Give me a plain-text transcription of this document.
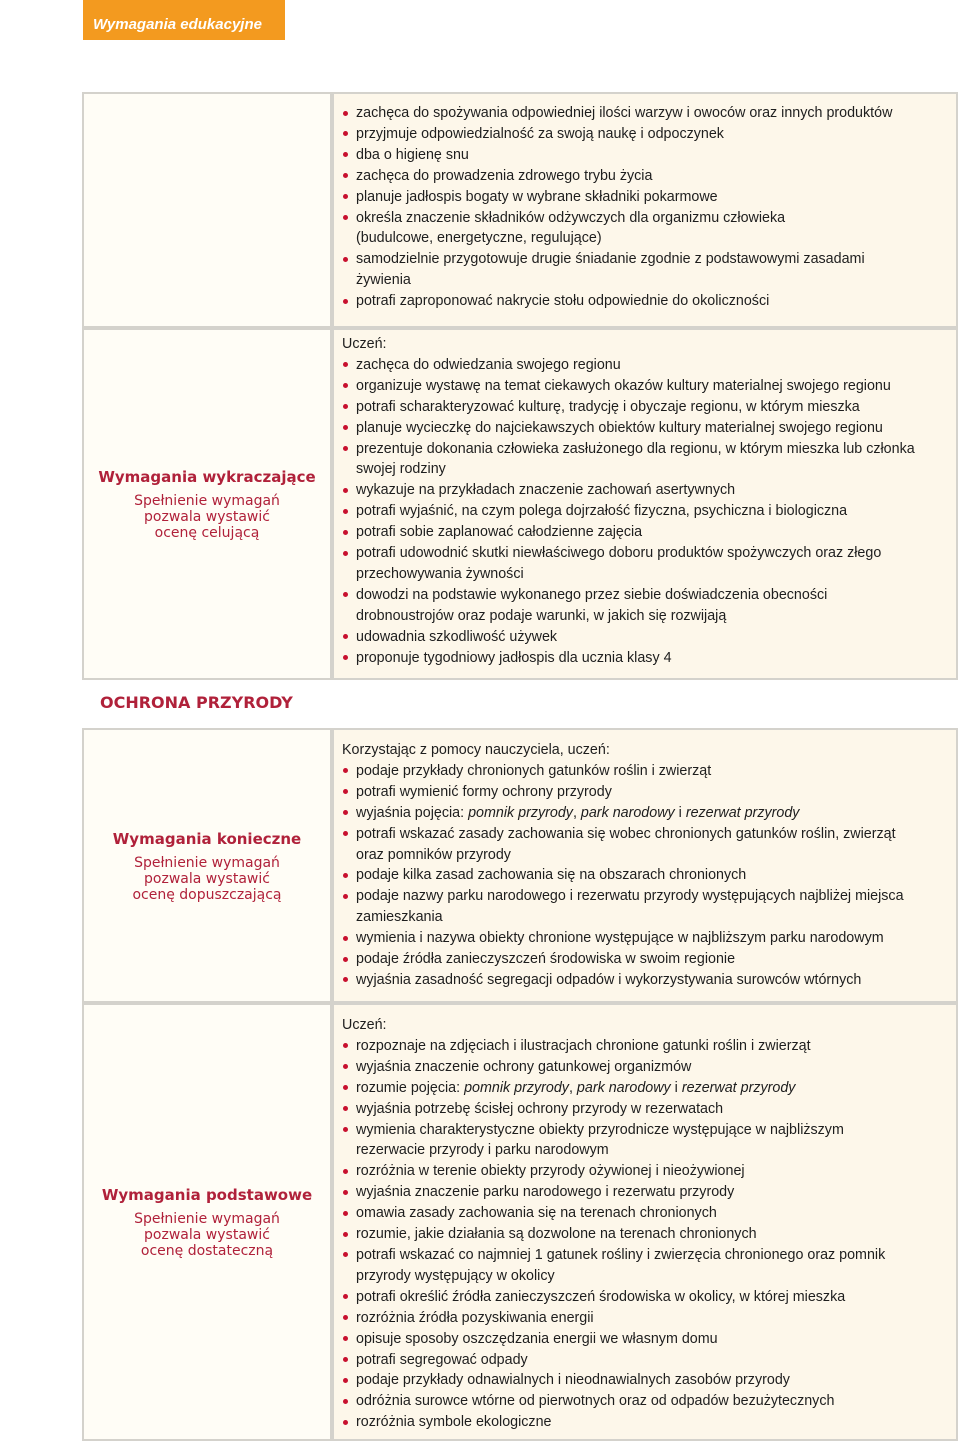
Wymagania edukacyjne
zachęca do spożywania odpowiedniej ilości warzyw i owoców oraz innych produktów
przyjmuje odpowiedzialność za swoją naukę i odpoczynek
dba o higienę snu
zachęca do prowadzenia zdrowego trybu życia
planuje jadłospis bogaty w wybrane składniki pokarmowe
określa znaczenie składników odżywczych dla organizmu człowieka (budulcowe, energetyczne, regulujące)
samodzielnie przygotowuje drugie śniadanie zgodnie z podstawowymi zasadami żywienia
potrafi zaproponować nakrycie stołu odpowiednie do okoliczności
Wymagania wykraczające
Spełnienie wymagań pozwala wystawić ocenę celującą
Uczeń:
zachęca do odwiedzania swojego regionu
organizuje wystawę na temat ciekawych okazów kultury materialnej swojego regionu
potrafi scharakteryzować kulturę, tradycję i obyczaje regionu, w którym mieszka
planuje wycieczkę do najciekawszych obiektów kultury materialnej swojego regionu
prezentuje dokonania człowieka zasłużonego dla regionu, w którym mieszka lub członka swojej rodziny
wykazuje na przykładach znaczenie zachowań asertywnych
potrafi wyjaśnić, na czym polega dojrzałość fizyczna, psychiczna i biologiczna
potrafi sobie zaplanować całodzienne zajęcia
potrafi udowodnić skutki niewłaściwego doboru produktów spożywczych oraz złego przechowywania żywności
dowodzi na podstawie wykonanego przez siebie doświadczenia obecności drobnoustrojów oraz podaje warunki, w jakich się rozwijają
udowadnia szkodliwość używek
proponuje tygodniowy jadłospis dla ucznia klasy 4
OCHRONA PRZYRODY
Wymagania konieczne
Spełnienie wymagań pozwala wystawić ocenę dopuszczającą
Korzystając z pomocy nauczyciela, uczeń:
podaje przykłady chronionych gatunków roślin i zwierząt
potrafi wymienić formy ochrony przyrody
wyjaśnia pojęcia: pomnik przyrody, park narodowy i rezerwat przyrody
potrafi wskazać zasady zachowania się wobec chronionych gatunków roślin, zwierząt oraz pomników przyrody
podaje kilka zasad zachowania się na obszarach chronionych
podaje nazwy parku narodowego i rezerwatu przyrody występujących najbliżej miejsca zamieszkania
wymienia i nazywa obiekty chronione występujące w najbliższym parku narodowym
podaje źródła zanieczyszczeń środowiska w swoim regionie
wyjaśnia zasadność segregacji odpadów i wykorzystywania surowców wtórnych
Wymagania podstawowe
Spełnienie wymagań pozwala wystawić ocenę dostateczną
Uczeń:
rozpoznaje na zdjęciach i ilustracjach chronione gatunki roślin i zwierząt
wyjaśnia znaczenie ochrony gatunkowej organizmów
rozumie pojęcia: pomnik przyrody, park narodowy i rezerwat przyrody
wyjaśnia potrzebę ścisłej ochrony przyrody w rezerwatach
wymienia charakterystyczne obiekty przyrodnicze występujące w najbliższym rezerwacie przyrody i parku narodowym
rozróżnia w terenie obiekty przyrody ożywionej i nieożywionej
wyjaśnia znaczenie parku narodowego i rezerwatu przyrody
omawia zasady zachowania się na terenach chronionych
rozumie, jakie działania są dozwolone na terenach chronionych
potrafi wskazać co najmniej 1 gatunek rośliny i zwierzęcia chronionego oraz pomnik przyrody występujący w okolicy
potrafi określić źródła zanieczyszczeń środowiska w okolicy, w której mieszka
rozróżnia źródła pozyskiwania energii
opisuje sposoby oszczędzania energii we własnym domu
potrafi segregować odpady
podaje przykłady odnawialnych i nieodnawialnych zasobów przyrody
odróżnia surowce wtórne od pierwotnych oraz od odpadów bezużytecznych
rozróżnia symbole ekologiczne
